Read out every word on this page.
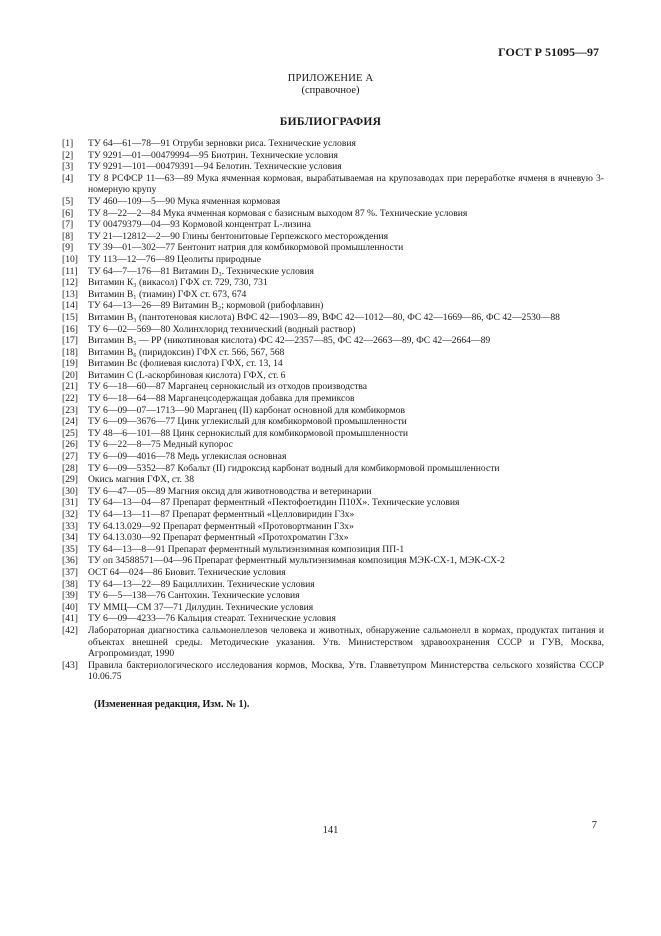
ГОСТ Р 51095—97
ПРИЛОЖЕНИЕ А
(справочное)
БИБЛИОГРАФИЯ
[1]	ТУ 64—61—78—91 Отруби зерновки риса. Технические условия
[2]	ТУ 9291—01—00479994—95 Биотрин. Технические условия
[3]	ТУ 9291—101—00479391—94 Белотин. Технические условия
[4]	ТУ 8 РСФСР 11—63—89 Мука ячменная кормовая, вырабатываемая на крупозаводах при переработке ячменя в ячневую 3-номерную крупу
[5]	ТУ 460—109—5—90 Мука ячменная кормовая
[6]	ТУ 8—22—2—84 Мука ячменная кормовая с базисным выходом 87 %. Технические условия
[7]	ТУ 00479379—04—93 Кормовой концентрат L-лизина
[8]	ТУ 21—12812—2—90 Глины бентонитовые Герпежского месторождения
[9]	ТУ 39—01—302—77 Бентонит натрия для комбикормовой промышленности
[10]	ТУ 113—12—76—89 Цеолиты природные
[11]	ТУ 64—7—176—81 Витамин D₃. Технические условия
[12]	Витамин К₃ (викасол) ГФХ ст. 729, 730, 731
[13]	Витамин B₁ (тиамин) ГФХ ст. 673, 674
[14]	ТУ 64—13—26—89 Витамин B₂; кормовой (рибофлавин)
[15]	Витамин B₃ (пантотеновая кислота) ВФС 42—1903—89, ВФС 42—1012—80, ФС 42—1669—86, ФС 42—2530—88
[16]	ТУ 6—02—569—80 Холинхлорид технический (водный раствор)
[17]	Витамин B₅ — РР (никотиновая кислота) ФС 42—2357—85, ФС 42—2663—89, ФС 42—2664—89
[18]	Витамин B₆ (пиридоксин) ГФХ ст. 566, 567, 568
[19]	Витамин Bc (фолиевая кислота) ГФХ, ст. 13, 14
[20]	Витамин С (L-аскорбиновая кислота) ГФХ, ст. 6
[21]	ТУ 6—18—60—87 Марганец сернокислый из отходов производства
[22]	ТУ 6—18—64—88 Марганецсодержащая добавка для премиксов
[23]	ТУ 6—09—07—1713—90 Марганец (II) карбонат основной для комбикормов
[24]	ТУ 6—09—3676—77 Цинк углекислый для комбикормовой промышленности
[25]	ТУ 48—6—101—88 Цинк сернокислый для комбикормовой промышленности
[26]	ТУ 6—22—8—75 Медный купорос
[27]	ТУ 6—09—4016—78 Медь углекислая основная
[28]	ТУ 6—09—5352—87 Кобальт (II) гидроксид карбонат водный для комбикормовой промышленности
[29]	Окись магния ГФХ, ст. 38
[30]	ТУ 6—47—05—89 Магния оксид для животноводства и ветеринарии
[31]	ТУ 64—13—04—87 Препарат ферментный «Пектофоетидин П10Х». Технические условия
[32]	ТУ 64—13—11—87 Препарат ферментный «Целловиридин Г3х»
[33]	ТУ 64.13.029—92 Препарат ферментный «Протовортманин Г3х»
[34]	ТУ 64.13.030—92 Препарат ферментный «Протохроматин Г3х»
[35]	ТУ 64—13—8—91 Препарат ферментный мультиэнзимная композиция ПП-1
[36]	ТУ оп 34588571—04—96 Препарат ферментный мультиэнзимная композиция МЭК-СХ-1, МЭК-СХ-2
[37]	ОСТ 64—024—86 Биовит. Технические условия
[38]	ТУ 64—13—22—89 Бациллихин. Технические условия
[39]	ТУ 6—5—138—76 Сантохин. Технические условия
[40]	ТУ ММЦ—СМ 37—71 Дилудин. Технические условия
[41]	ТУ 6—09—4233—76 Кальция стеарат. Технические условия
[42]	Лабораторная диагностика сальмонеллезов человека и животных, обнаружение сальмонелл в кормах, продуктах питания и объектах внешней среды. Методические указания. Утв. Министерством здравоохранения СССР и ГУВ, Москва, Агропромиздат, 1990
[43]	Правила бактериологического исследования кормов, Москва, Утв. Главветупром Министерства сельского хозяйства СССР 10.06.75
(Измененная редакция, Изм. № 1).
141	7
